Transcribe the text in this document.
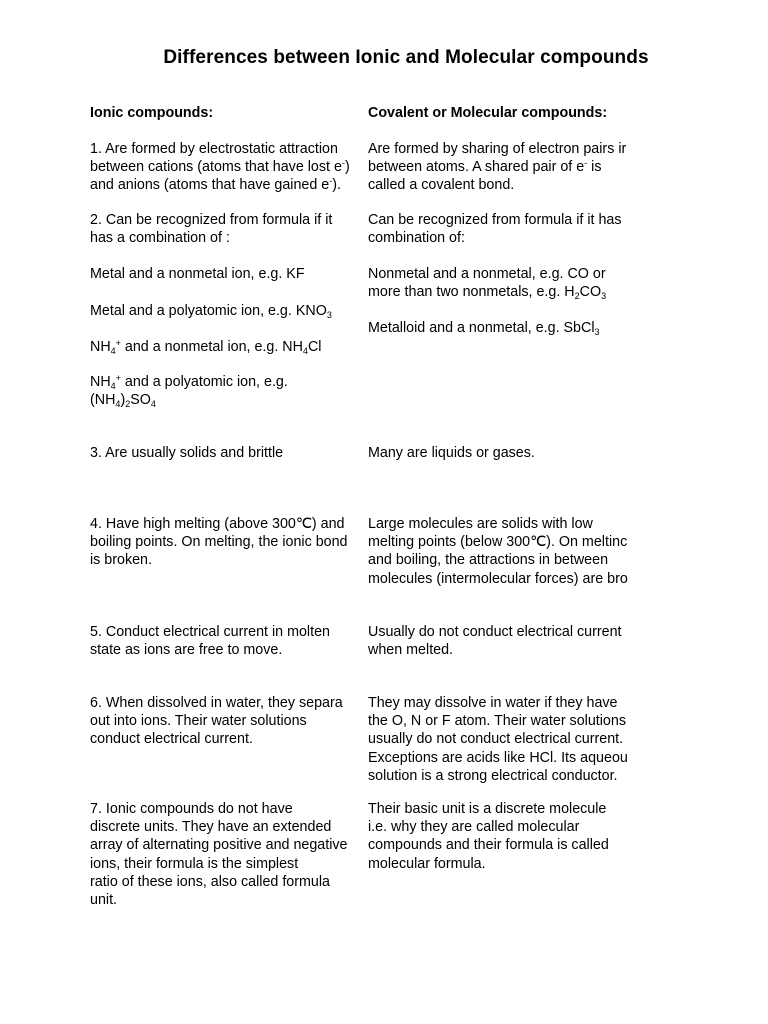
Differences between Ionic and Molecular compounds
Ionic compounds:
1. Are formed by electrostatic attraction
between cations (atoms that have lost e-)
and anions (atoms that have gained e-).
2. Can be recognized from formula if it
has a combination of :
Metal and a nonmetal ion, e.g. KF
Metal and a polyatomic ion, e.g. $KNO_3$
$NH_4^+$ and a nonmetal ion, e.g. $NH_4Cl$
$NH_4^+$ and a polyatomic ion, e.g.
$(NH_4)_2SO_4$
3. Are usually solids and brittle
4. Have high melting (above 300℃) and
boiling points. On melting, the ionic bond
is broken.
5. Conduct electrical current in molten
state as ions are free to move.
6. When dissolved in water, they separa
out into ions. Their water solutions
conduct electrical current.
7. Ionic compounds do not have
discrete units. They have an extended
array of alternating positive and negative
ions, their formula is the simplest
ratio of these ions, also called formula
unit.
Covalent or Molecular compounds:
Are formed by sharing of electron pairs ir
between atoms. A shared pair of e- is
called a covalent bond.
Can be recognized from formula if it has
combination of:
Nonmetal and a nonmetal, e.g. CO or
more than two nonmetals, e.g. $H_2CO_3$
Metalloid and a nonmetal, e.g. SbCl$_3$
Many are liquids or gases.
Large molecules are solids with low
melting points (below 300℃). On meltinc
and boiling, the attractions in between
molecules (intermolecular forces) are bro
Usually do not conduct electrical current
when melted.
They may dissolve in water if they have
the O, N or F atom. Their water solutions
usually do not conduct electrical current.
Exceptions are acids like HCl. Its aqueou
solution is a strong electrical conductor.
Their basic unit is a discrete molecule
i.e. why they are called molecular
compounds and their formula is called
molecular formula.
